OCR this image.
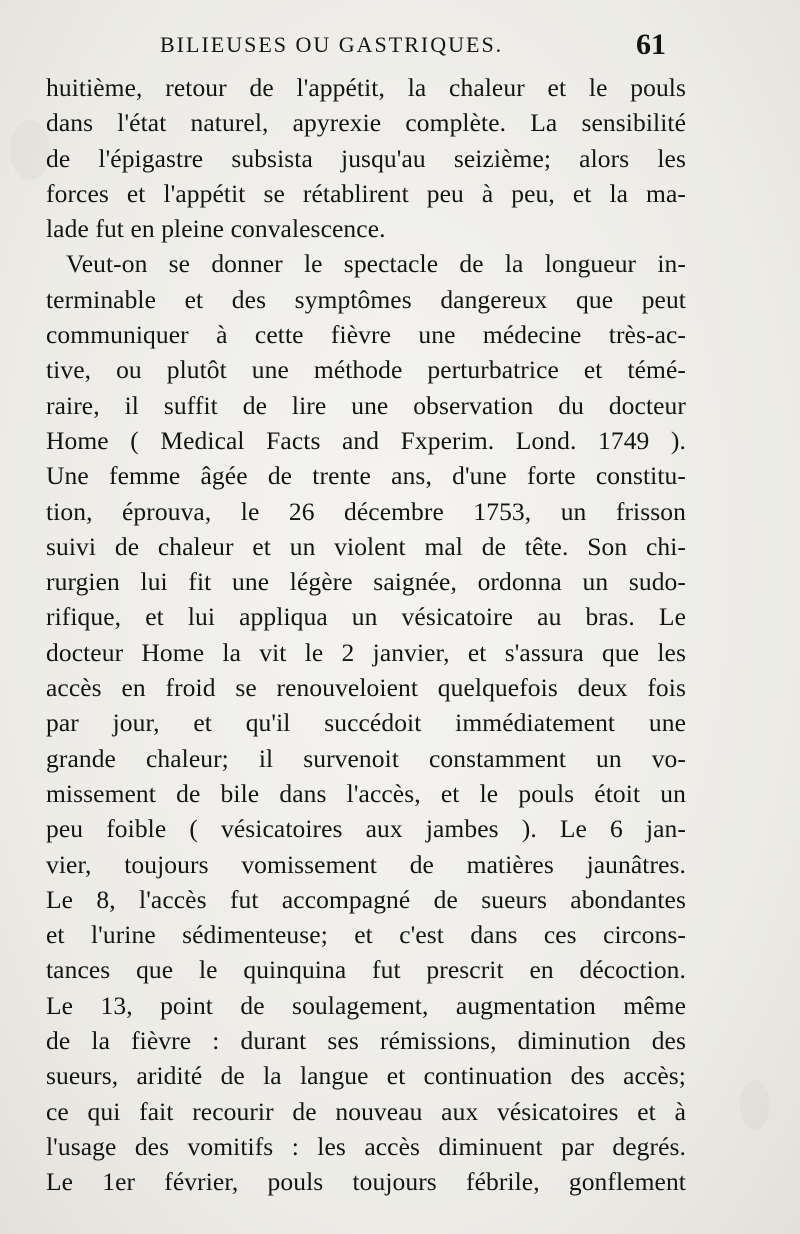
BILIEUSES OU GASTRIQUES.	61
huitième, retour de l'appétit, la chaleur et le pouls
dans l'état naturel, apyrexie complète. La sensibilité
de l'épigastre subsista jusqu'au seizième; alors les
forces et l'appétit se rétablirent peu à peu, et la ma-
lade fut en pleine convalescence.
Veut-on se donner le spectacle de la longueur in-
terminable et des symptômes dangereux que peut
communiquer à cette fièvre une médecine très-ac-
tive, ou plutôt une méthode perturbatrice et témé-
raire, il suffit de lire une observation du docteur
Home ( Medical Facts and Fxperim. Lond. 1749 ).
Une femme âgée de trente ans, d'une forte constitu-
tion, éprouva, le 26 décembre 1753, un frisson
suivi de chaleur et un violent mal de tête. Son chi-
rurgien lui fit une légère saignée, ordonna un sudo-
rifique, et lui appliqua un vésicatoire au bras. Le
docteur Home la vit le 2 janvier, et s'assura que les
accès en froid se renouveloient quelquefois deux fois
par jour, et qu'il succédoit immédiatement une
grande chaleur; il survenoit constamment un vo-
missement de bile dans l'accès, et le pouls étoit un
peu foible ( vésicatoires aux jambes ). Le 6 jan-
vier, toujours vomissement de matières jaunâtres.
Le 8, l'accès fut accompagné de sueurs abondantes
et l'urine sédimenteuse; et c'est dans ces circons-
tances que le quinquina fut prescrit en décoction.
Le 13, point de soulagement, augmentation même
de la fièvre : durant ses rémissions, diminution des
sueurs, aridité de la langue et continuation des accès;
ce qui fait recourir de nouveau aux vésicatoires et à
l'usage des vomitifs : les accès diminuent par degrés.
Le 1er février, pouls toujours fébrile, gonflement
